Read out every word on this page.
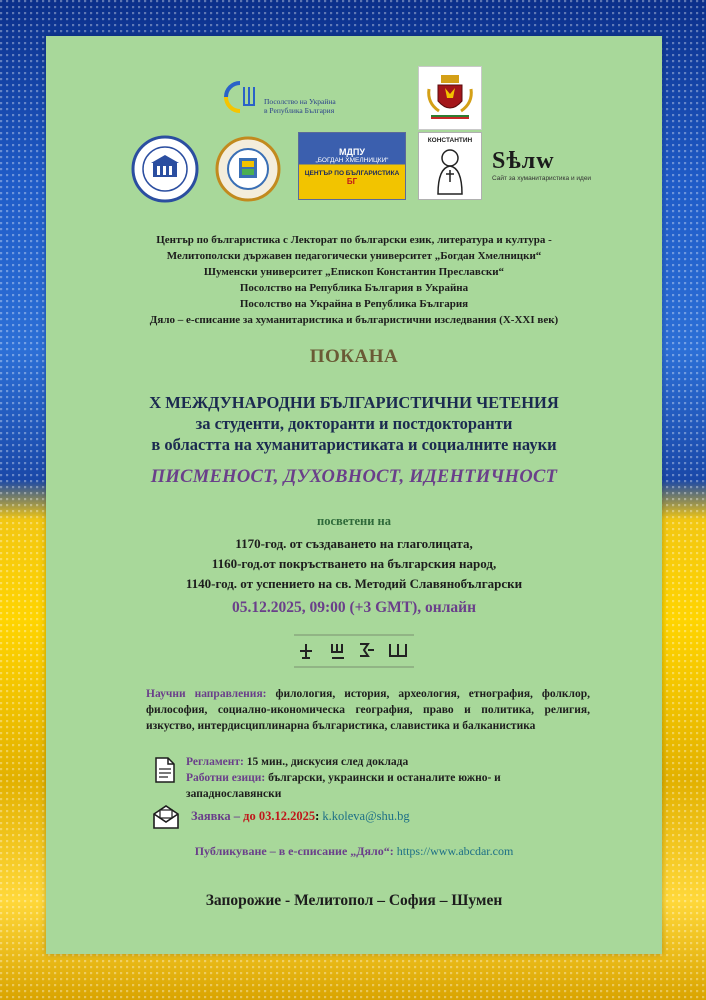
Посолство на Украйна
в Република България
МДПУ
„БОГДАН ХМЕЛНИЦКИ“
ЦЕНТЪР ПО БЪЛГАРИСТИКА
БГ
КОНСТАНТИН
Ѕѣлw
Сайт за хуманитаристика и идеи
Център по българистика с Лекторат по български език, литература и култура -
Мелитополски държавен педагогически университет „Богдан Хмелницки“
Шуменски университет „Епископ Константин Преславски“
Посолство на Република България в Украйна
Посолство на Украйна в Република България
Дяло – е-списание за хуманитаристика и българистични изследвания (X-XXI век)
ПОКАНА
X МЕЖДУНАРОДНИ БЪЛГАРИСТИЧНИ ЧЕТЕНИЯ
за студенти, докторанти и постдокторанти
в областта на хуманитаристиката и социалните науки
ПИСМЕНОСТ, ДУХОВНОСТ, ИДЕНТИЧНОСТ
посветени на
1170-год. от създаването на глаголицата,
1160-год.от покръстването на българския народ,
1140-год. от успението на св. Методий Славянобългарски
05.12.2025, 09:00 (+3 GMT), онлайн
Научни направления: филология, история, археология, етнография, фолклор, философия, социално-икономическа география, право и политика, религия, изкуство, интердисциплинарна българистика, славистика и балканистика
Регламент: 15 мин., дискусия след доклада
Работни езици: български, украински и останалите южно- и западнославянски
Заявка – до 03.12.2025: k.koleva@shu.bg
Публикуване – в е-списание „Дяло“: https://www.abcdar.com
Запорожие - Мелитопол – София – Шумен
